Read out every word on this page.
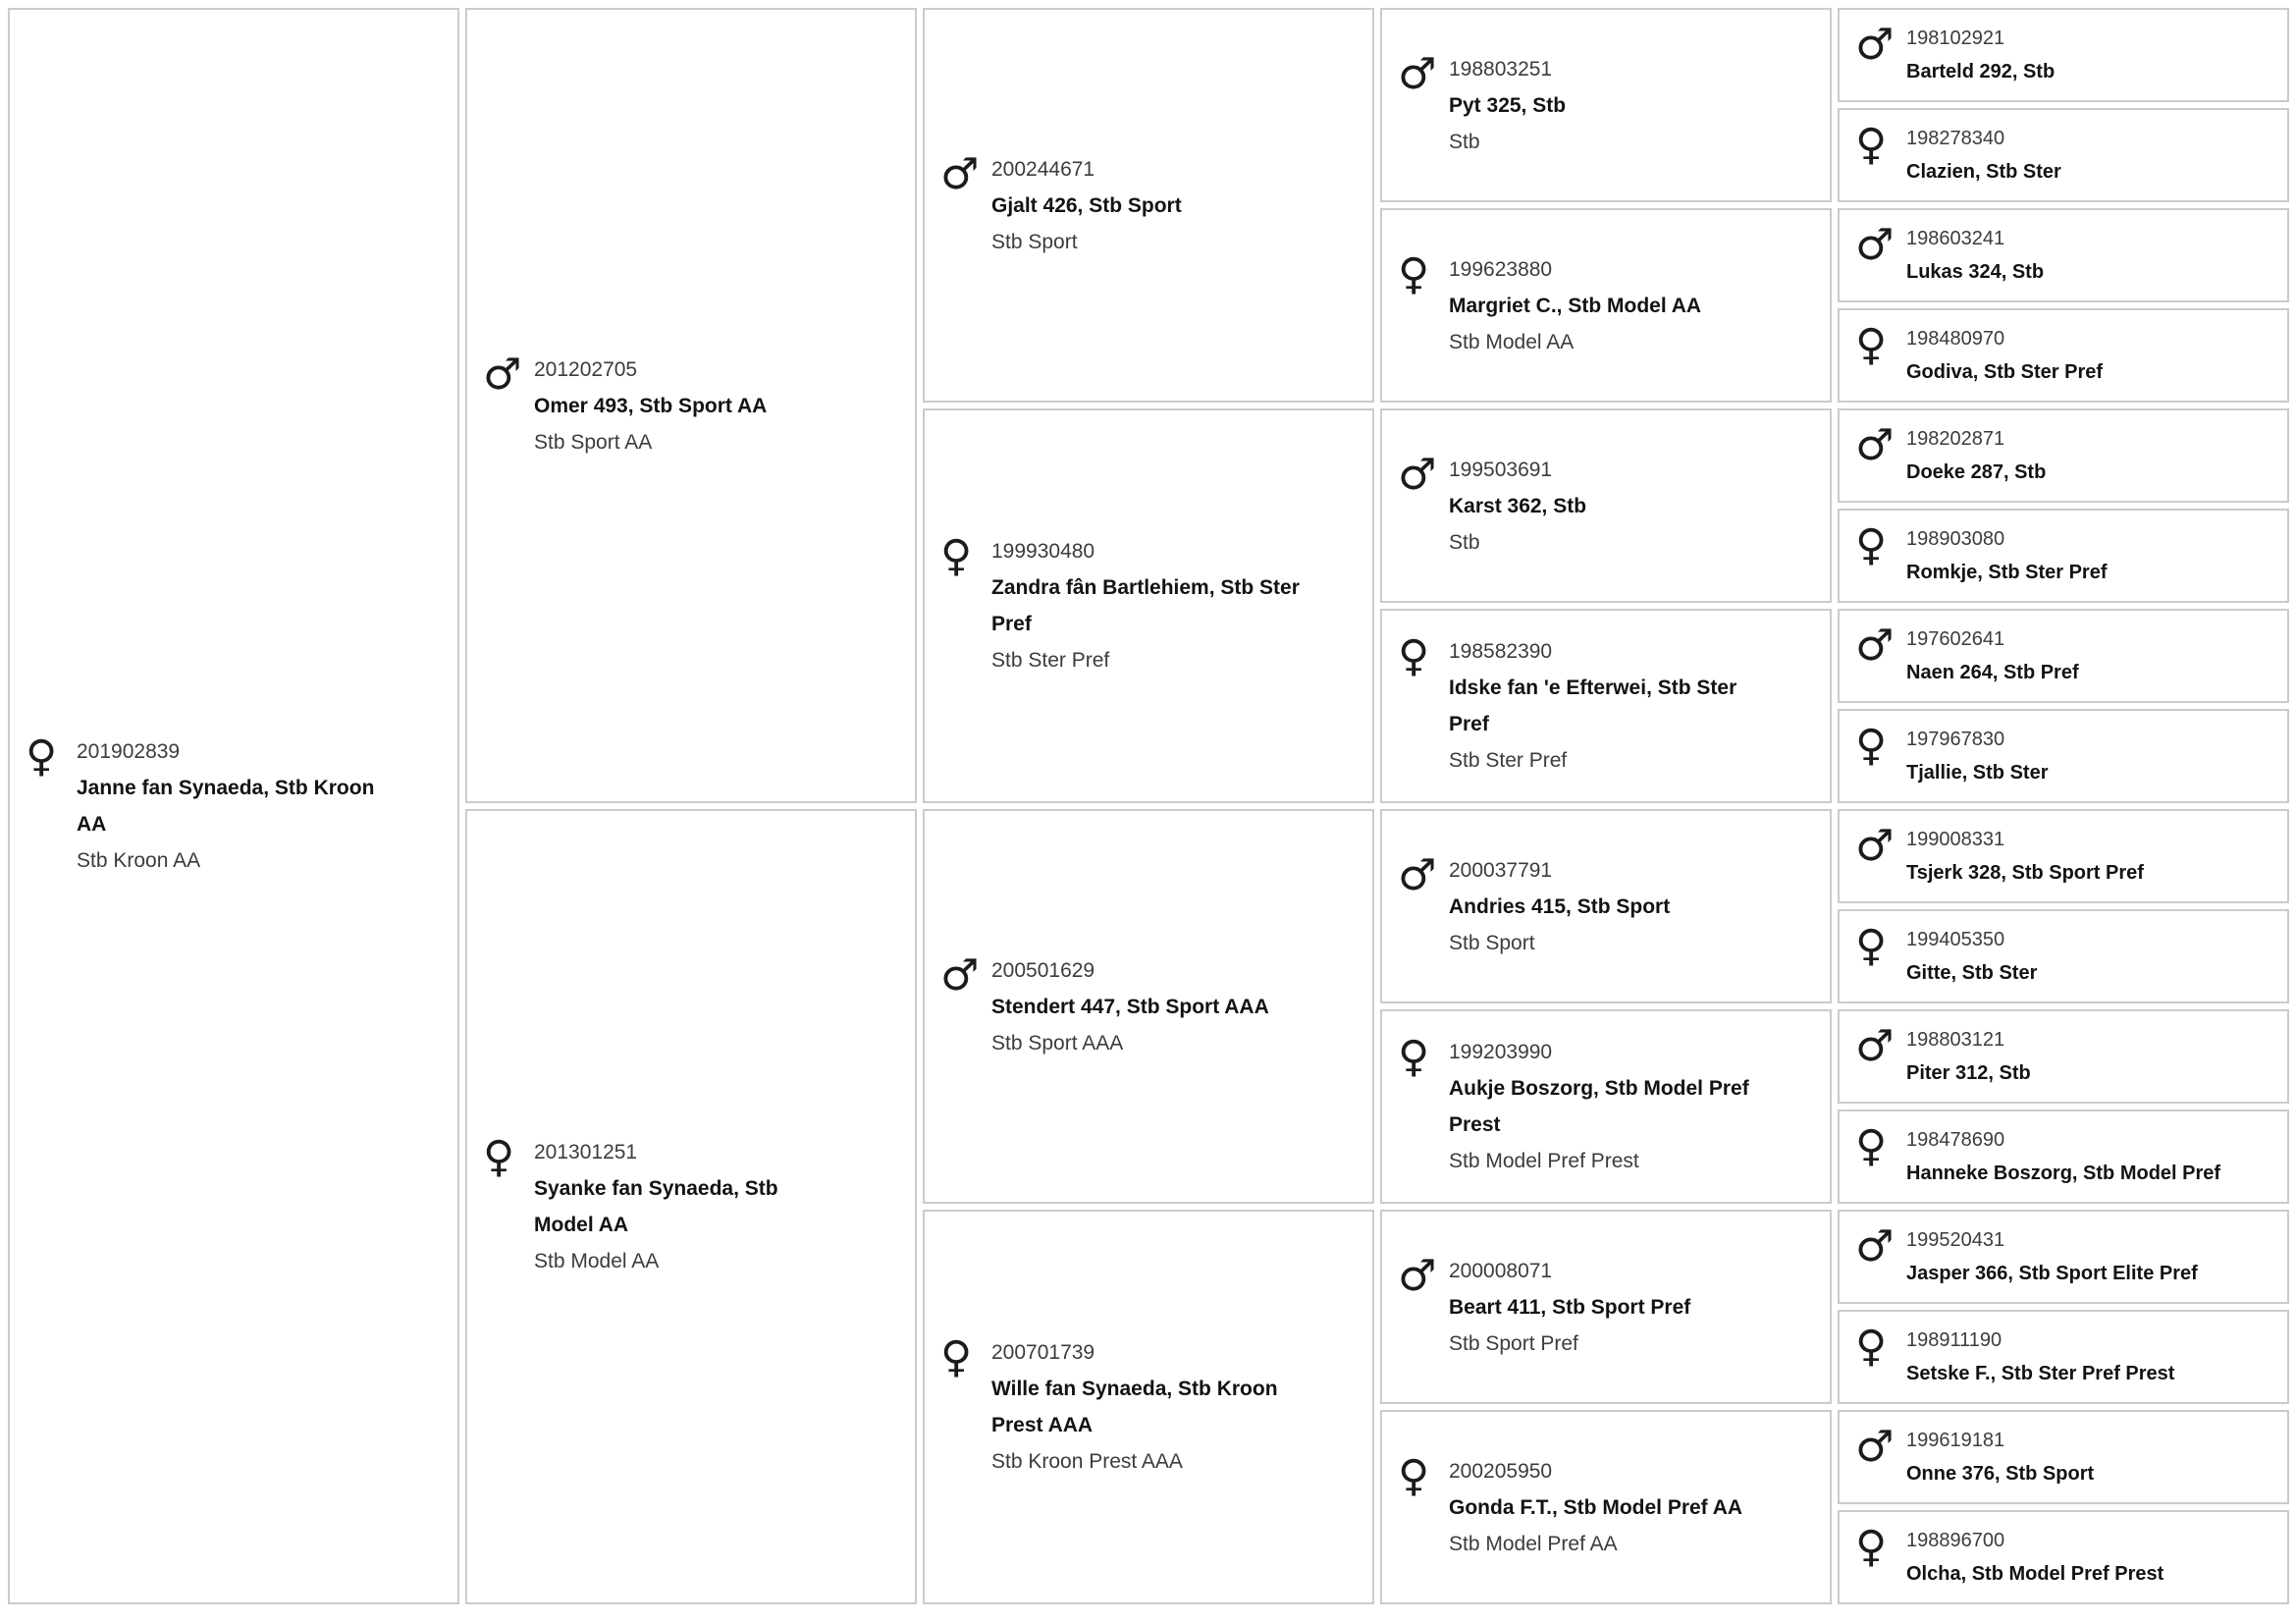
♀ 201902839
Janne fan Synaeda, Stb Kroon AA
Stb Kroon AA
♂ 201202705
Omer 493, Stb Sport AA
Stb Sport AA
♀ 201301251
Syanke fan Synaeda, Stb Model AA
Stb Model AA
♂ 200244671
Gjalt 426, Stb Sport
Stb Sport
♀ 199930480
Zandra fân Bartlehiem, Stb Ster Pref
Stb Ster Pref
♂ 200501629
Stendert 447, Stb Sport AAA
Stb Sport AAA
♀ 200701739
Wille fan Synaeda, Stb Kroon Prest AAA
Stb Kroon Prest AAA
♂ 198803251
Pyt 325, Stb
Stb
♀ 199623880
Margriet C., Stb Model AA
Stb Model AA
♂ 199503691
Karst 362, Stb
Stb
♀ 198582390
Idske fan 'e Efterwei, Stb Ster Pref
Stb Ster Pref
♂ 200037791
Andries 415, Stb Sport
Stb Sport
♀ 199203990
Aukje Boszorg, Stb Model Pref Prest
Stb Model Pref Prest
♂ 200008071
Beart 411, Stb Sport Pref
Stb Sport Pref
♀ 200205950
Gonda F.T., Stb Model Pref AA
Stb Model Pref AA
♂ 198102921
Barteld 292, Stb
♀ 198278340
Clazien, Stb Ster
♂ 198603241
Lukas 324, Stb
♀ 198480970
Godiva, Stb Ster Pref
♂ 198202871
Doeke 287, Stb
♀ 198903080
Romkje, Stb Ster Pref
♂ 197602641
Naen 264, Stb Pref
♀ 197967830
Tjallie, Stb Ster
♂ 199008331
Tsjerk 328, Stb Sport Pref
♀ 199405350
Gitte, Stb Ster
♂ 198803121
Piter 312, Stb
♀ 198478690
Hanneke Boszorg, Stb Model Pref
♂ 199520431
Jasper 366, Stb Sport Elite Pref
♀ 198911190
Setske F., Stb Ster Pref Prest
♂ 199619181
Onne 376, Stb Sport
♀ 198896700
Olcha, Stb Model Pref Prest
